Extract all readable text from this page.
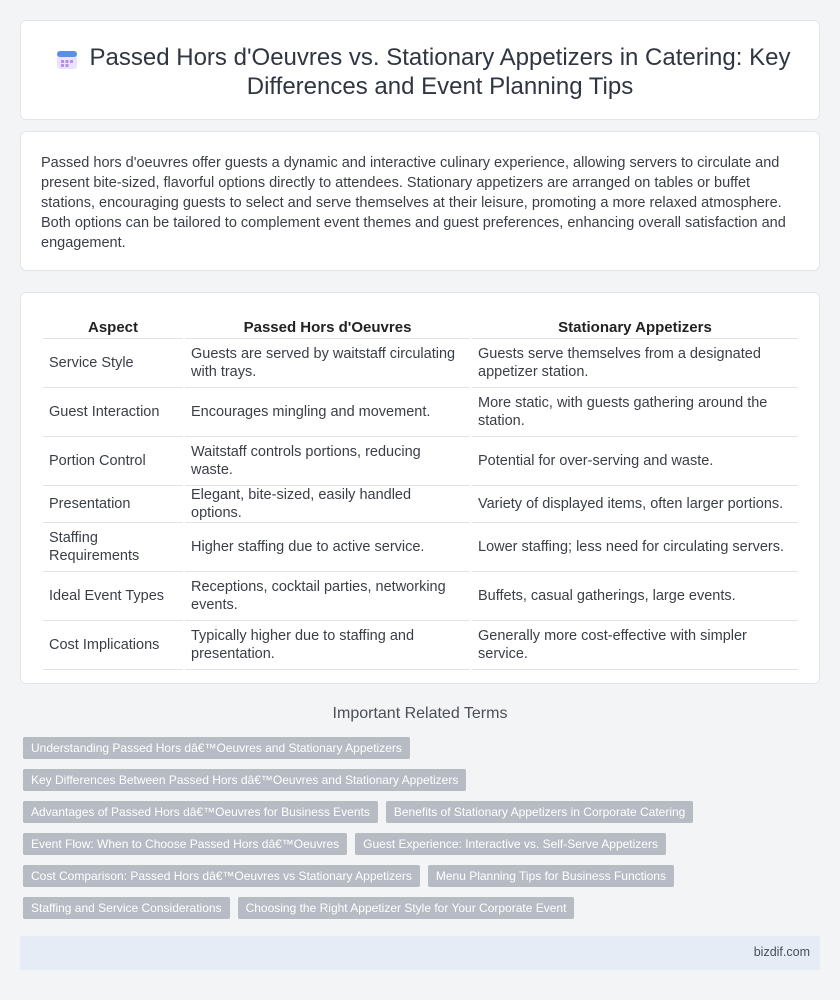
Passed Hors d'Oeuvres vs. Stationary Appetizers in Catering: Key Differences and Event Planning Tips

Passed hors d'oeuvres offer guests a dynamic and interactive culinary experience, allowing servers to circulate and present bite-sized, flavorful options directly to attendees. Stationary appetizers are arranged on tables or buffet stations, encouraging guests to select and serve themselves at their leisure, promoting a more relaxed atmosphere. Both options can be tailored to complement event themes and guest preferences, enhancing overall satisfaction and engagement.

Aspect	Passed Hors d'Oeuvres	Stationary Appetizers
Service Style	Guests are served by waitstaff circulating with trays.	Guests serve themselves from a designated appetizer station.
Guest Interaction	Encourages mingling and movement.	More static, with guests gathering around the station.
Portion Control	Waitstaff controls portions, reducing waste.	Potential for over-serving and waste.
Presentation	Elegant, bite-sized, easily handled options.	Variety of displayed items, often larger portions.
Staffing Requirements	Higher staffing due to active service.	Lower staffing; less need for circulating servers.
Ideal Event Types	Receptions, cocktail parties, networking events.	Buffets, casual gatherings, large events.
Cost Implications	Typically higher due to staffing and presentation.	Generally more cost-effective with simpler service.
Important Related Terms
Understanding Passed Hors dâ€™Oeuvres and Stationary Appetizers
Key Differences Between Passed Hors dâ€™Oeuvres and Stationary Appetizers
Advantages of Passed Hors dâ€™Oeuvres for Business Events	Benefits of Stationary Appetizers in Corporate Catering
Event Flow: When to Choose Passed Hors dâ€™Oeuvres	Guest Experience: Interactive vs. Self-Serve Appetizers
Cost Comparison: Passed Hors dâ€™Oeuvres vs Stationary Appetizers	Menu Planning Tips for Business Functions
Staffing and Service Considerations	Choosing the Right Appetizer Style for Your Corporate Event
bizdif.com
